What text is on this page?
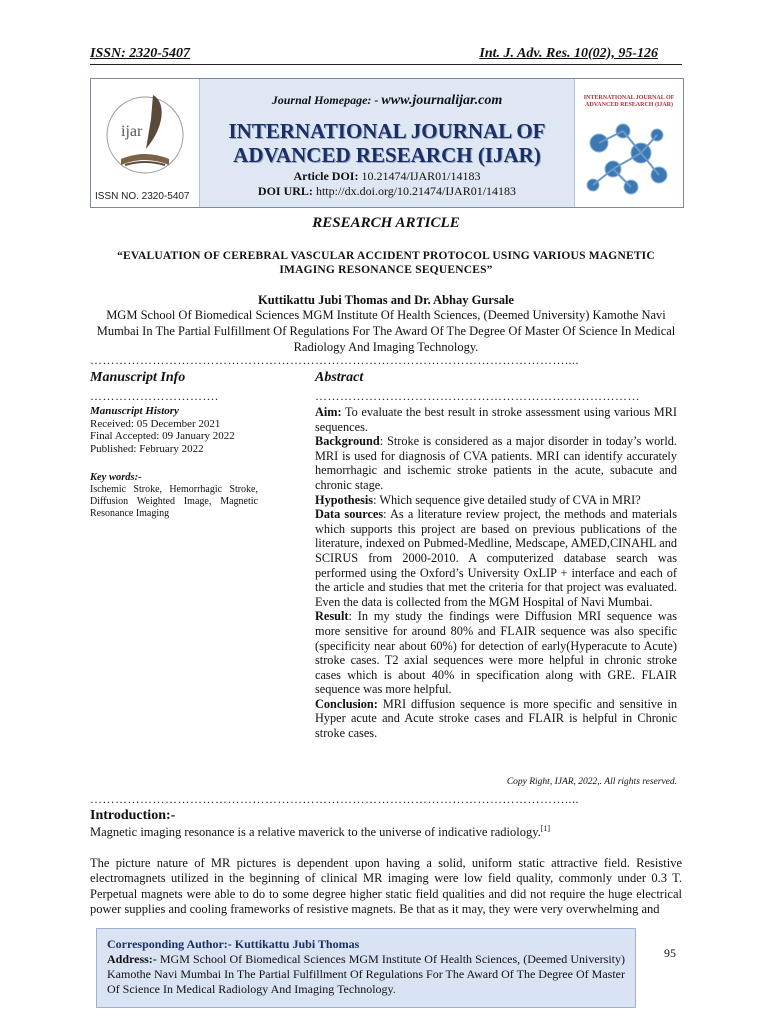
ISSN: 2320-5407	Int. J. Adv. Res. 10(02), 95-126
ijar
ISSN NO. 2320-5407
Journal Homepage: - www.journalijar.com
INTERNATIONAL JOURNAL OF
ADVANCED RESEARCH (IJAR)
Article DOI: 10.21474/IJAR01/14183
DOI URL: http://dx.doi.org/10.21474/IJAR01/14183
INTERNATIONAL JOURNAL OF ADVANCED RESEARCH (IJAR)
RESEARCH ARTICLE
“EVALUATION OF CEREBRAL VASCULAR ACCIDENT PROTOCOL USING VARIOUS MAGNETIC
IMAGING RESONANCE SEQUENCES”
Kuttikattu Jubi Thomas and Dr. Abhay Gursale
MGM School Of Biomedical Sciences MGM Institute Of Health Sciences, (Deemed University) Kamothe Navi Mumbai In The Partial Fulfillment Of Regulations For The Award Of The Degree Of Master Of Science In Medical Radiology And Imaging Technology.
……………………………………………………………………………………………………....
Manuscript Info
………………………….
Manuscript History
Received: 05 December 2021
Final Accepted: 09 January 2022
Published: February 2022
Key words:-
Ischemic Stroke, Hemorrhagic Stroke, Diffusion Weighted Image, Magnetic Resonance Imaging
Abstract
……………………………………………………………………
Aim: To evaluate the best result in stroke assessment using various MRI sequences.
Background: Stroke is considered as a major disorder in today’s world. MRI is used for diagnosis of CVA patients. MRI can identify accurately hemorrhagic and ischemic stroke patients in the acute, subacute and chronic stage.
Hypothesis: Which sequence give detailed study of CVA in MRI?
Data sources: As a literature review project, the methods and materials which supports this project are based on previous publications of the literature, indexed on Pubmed-Medline, Medscape, AMED,CINAHL and SCIRUS from 2000-2010. A computerized database search was performed using the Oxford’s University OxLIP + interface and each of the article and studies that met the criteria for that project was evaluated. Even the data is collected from the MGM Hospital of Navi Mumbai.
Result: In my study the findings were Diffusion MRI sequence was more sensitive for around 80% and FLAIR sequence was also specific (specificity near about 60%) for detection of early(Hyperacute to Acute) stroke cases. T2 axial sequences were more helpful in chronic stroke cases which is about 40% in specification along with GRE. FLAIR sequence was more helpful.
Conclusion: MRI diffusion sequence is more specific and sensitive in Hyper acute and Acute stroke cases and FLAIR is helpful in Chronic stroke cases.
Copy Right, IJAR, 2022,. All rights reserved.
……………………………………………………………………………………………………....
Introduction:-
Magnetic imaging resonance is a relative maverick to the universe of indicative radiology.[1]
The picture nature of MR pictures is dependent upon having a solid, uniform static attractive field. Resistive electromagnets utilized in the beginning of clinical MR imaging were low field quality, commonly under 0.3 T. Perpetual magnets were able to do to some degree higher static field qualities and did not require the huge electrical power supplies and cooling frameworks of resistive magnets. Be that as it may, they were very overwhelming and
Corresponding Author:- Kuttikattu Jubi Thomas
Address:- MGM School Of Biomedical Sciences MGM Institute Of Health Sciences, (Deemed University) Kamothe Navi Mumbai In The Partial Fulfillment Of Regulations For The Award Of The Degree Of Master Of Science In Medical Radiology And Imaging Technology.
95
